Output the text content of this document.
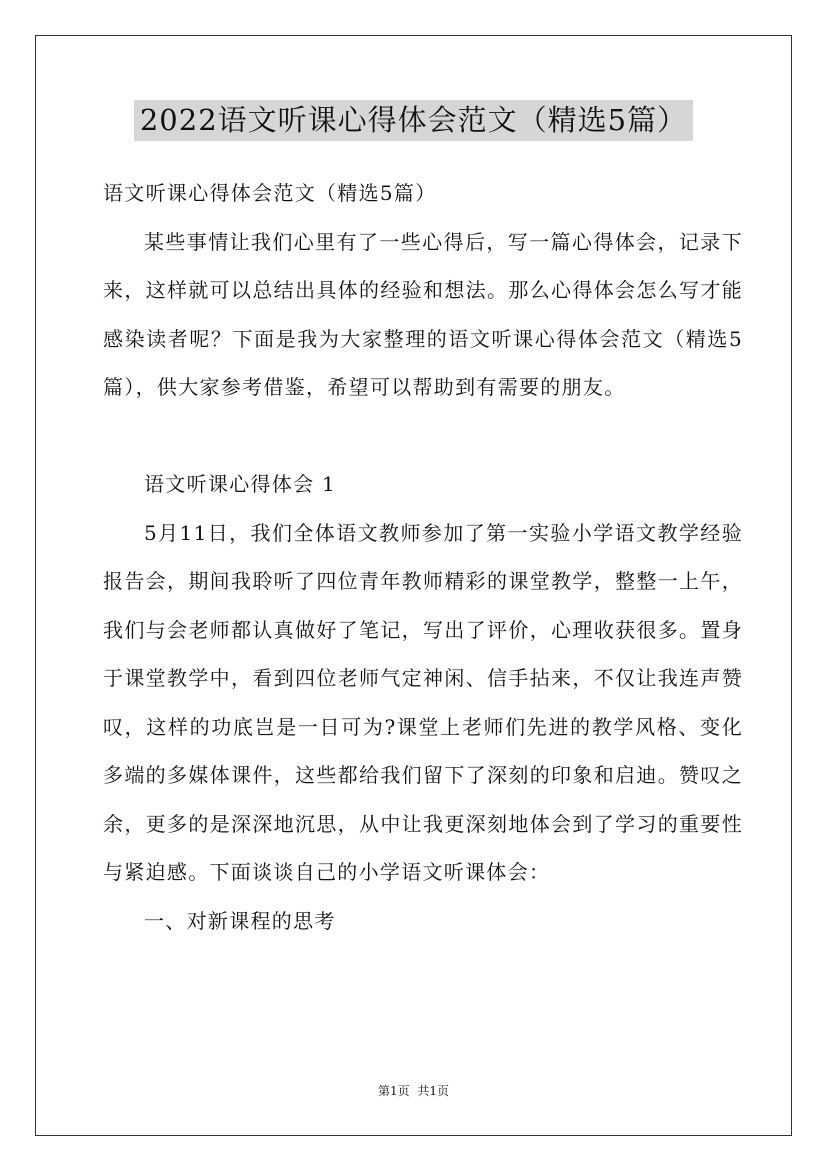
2022语文听课心得体会范文（精选5篇）

语文听课心得体会范文（精选5篇）

某些事情让我们心里有了一些心得后，写一篇心得体会，记录下来，这样就可以总结出具体的经验和想法。那么心得体会怎么写才能感染读者呢？下面是我为大家整理的语文听课心得体会范文（精选5篇），供大家参考借鉴，希望可以帮助到有需要的朋友。

语文听课心得体会 1

5月11日，我们全体语文教师参加了第一实验小学语文教学经验报告会，期间我聆听了四位青年教师精彩的课堂教学，整整一上午，我们与会老师都认真做好了笔记，写出了评价，心理收获很多。置身于课堂教学中，看到四位老师气定神闲、信手拈来，不仅让我连声赞叹，这样的功底岂是一日可为?课堂上老师们先进的教学风格、变化多端的多媒体课件，这些都给我们留下了深刻的印象和启迪。赞叹之余，更多的是深深地沉思，从中让我更深刻地体会到了学习的重要性与紧迫感。下面谈谈自己的小学语文听课体会：

一、对新课程的思考

第1页 共1页
